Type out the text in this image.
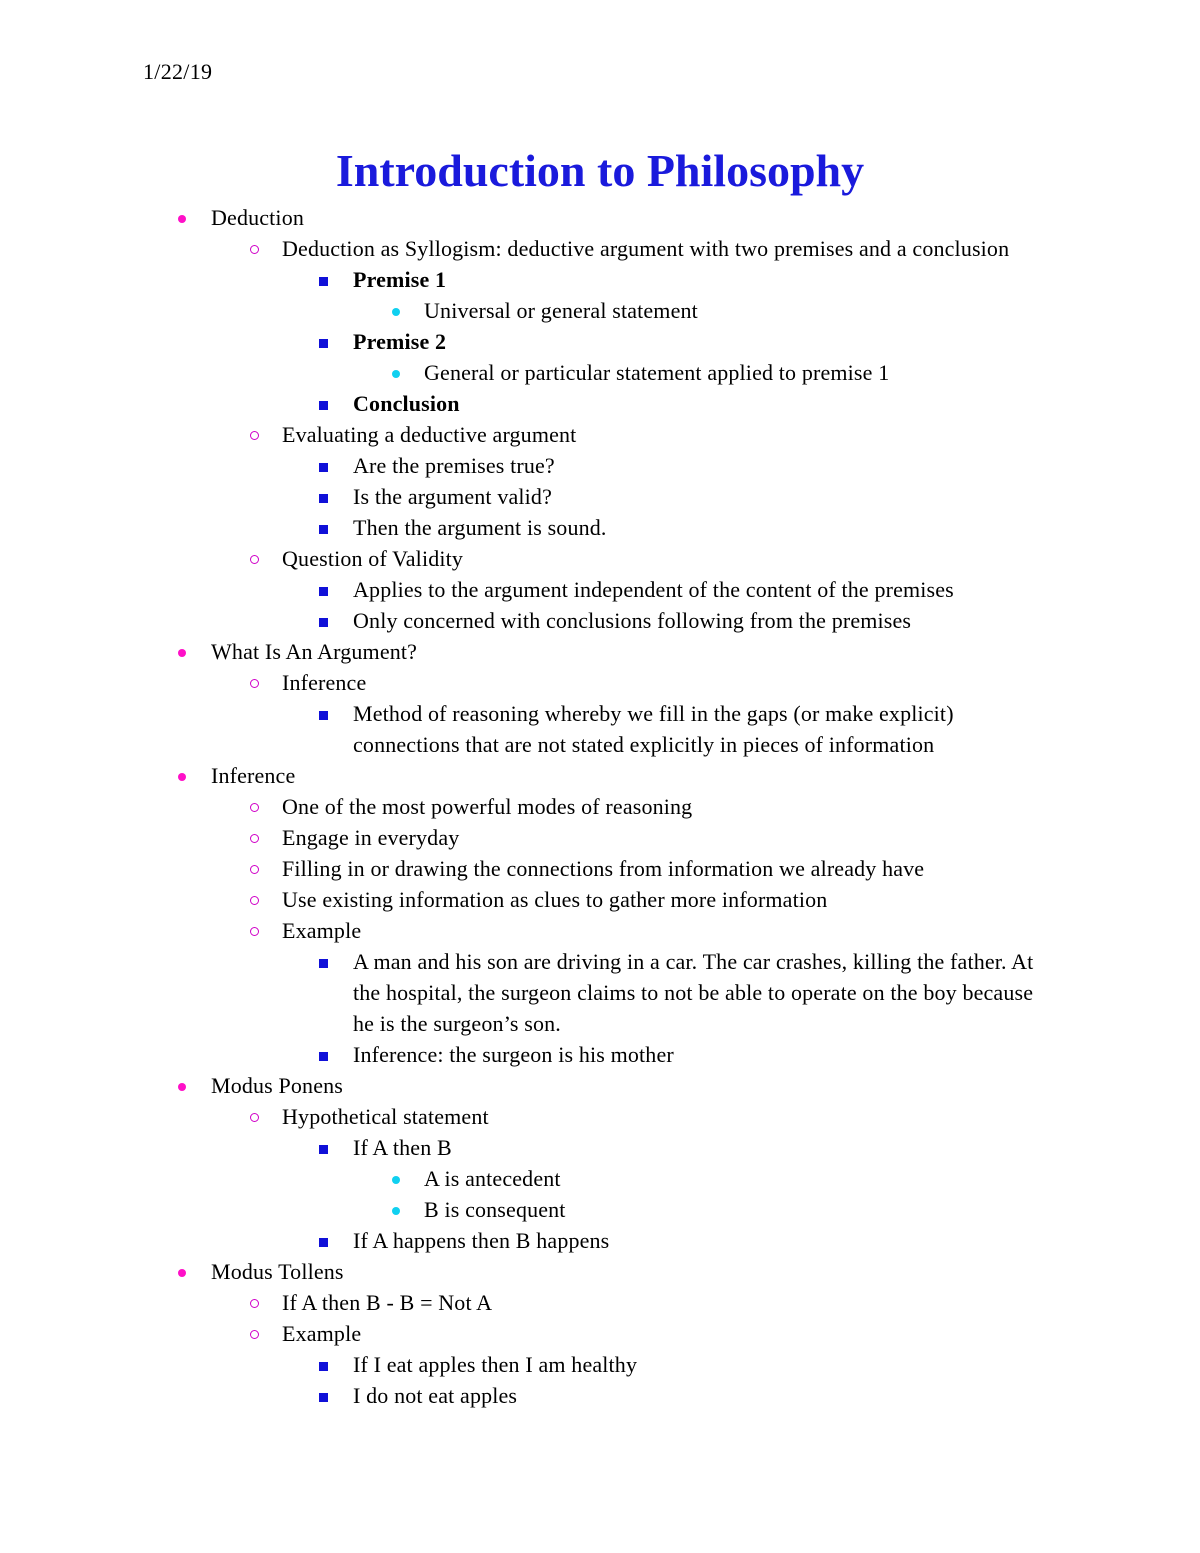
1/22/19
Introduction to Philosophy
Deduction
Deduction as Syllogism: deductive argument with two premises and a conclusion
Premise 1
Universal or general statement
Premise 2
General or particular statement applied to premise 1
Conclusion
Evaluating a deductive argument
Are the premises true?
Is the argument valid?
Then the argument is sound.
Question of Validity
Applies to the argument independent of the content of the premises
Only concerned with conclusions following from the premises
What Is An Argument?
Inference
Method of reasoning whereby we fill in the gaps (or make explicit) connections that are not stated explicitly in pieces of information
Inference
One of the most powerful modes of reasoning
Engage in everyday
Filling in or drawing the connections from information we already have
Use existing information as clues to gather more information
Example
A man and his son are driving in a car. The car crashes, killing the father. At the hospital, the surgeon claims to not be able to operate on the boy because he is the surgeon’s son.
Inference: the surgeon is his mother
Modus Ponens
Hypothetical statement
If A then B
A is antecedent
B is consequent
If A happens then B happens
Modus Tollens
If A then B - B = Not A
Example
If I eat apples then I am healthy
I do not eat apples
